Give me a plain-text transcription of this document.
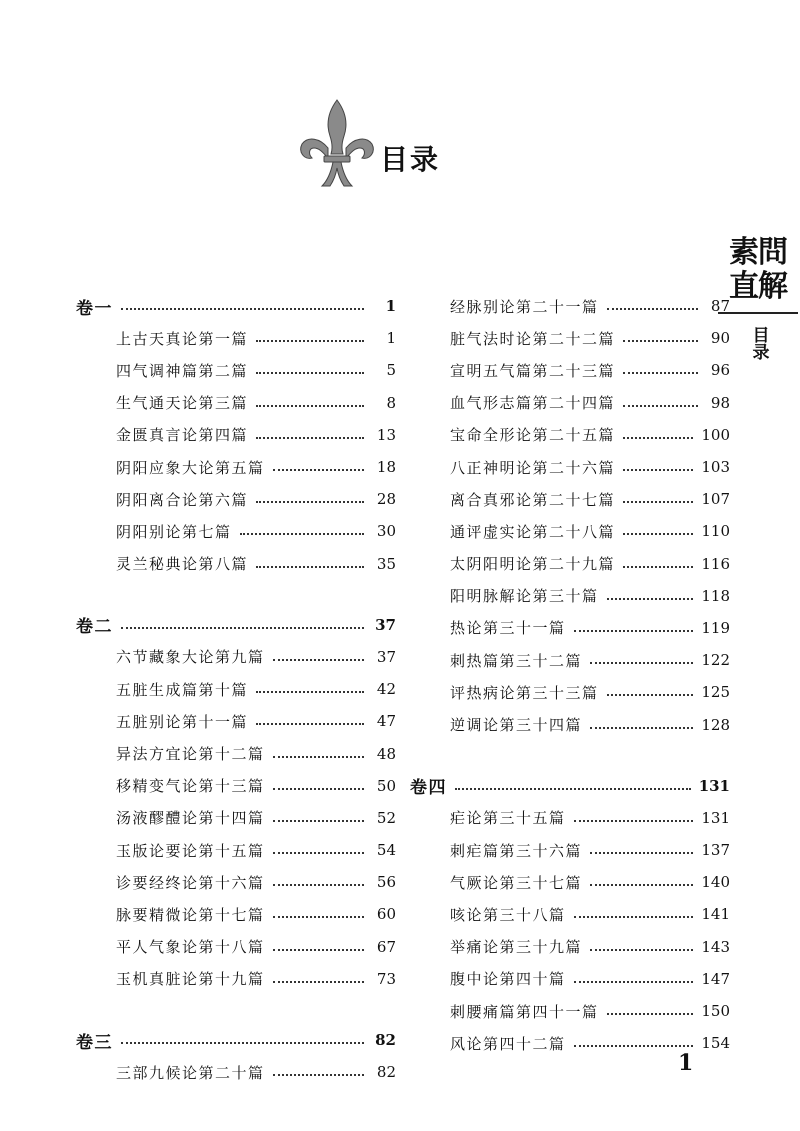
目录
素問直解
目录
卷一	1
上古天真论第一篇	1
四气调神篇第二篇	5
生气通天论第三篇	8
金匮真言论第四篇	13
阴阳应象大论第五篇	18
阴阳离合论第六篇	28
阴阳别论第七篇	30
灵兰秘典论第八篇	35
卷二	37
六节藏象大论第九篇	37
五脏生成篇第十篇	42
五脏别论第十一篇	47
异法方宜论第十二篇	48
移精变气论第十三篇	50
汤液醪醴论第十四篇	52
玉版论要论第十五篇	54
诊要经终论第十六篇	56
脉要精微论第十七篇	60
平人气象论第十八篇	67
玉机真脏论第十九篇	73
卷三	82
三部九候论第二十篇	82
经脉别论第二十一篇	87
脏气法时论第二十二篇	90
宣明五气篇第二十三篇	96
血气形志篇第二十四篇	98
宝命全形论第二十五篇	100
八正神明论第二十六篇	103
离合真邪论第二十七篇	107
通评虚实论第二十八篇	110
太阴阳明论第二十九篇	116
阳明脉解论第三十篇	118
热论第三十一篇	119
刺热篇第三十二篇	122
评热病论第三十三篇	125
逆调论第三十四篇	128
卷四	131
疟论第三十五篇	131
刺疟篇第三十六篇	137
气厥论第三十七篇	140
咳论第三十八篇	141
举痛论第三十九篇	143
腹中论第四十篇	147
刺腰痛篇第四十一篇	150
风论第四十二篇	154
1
